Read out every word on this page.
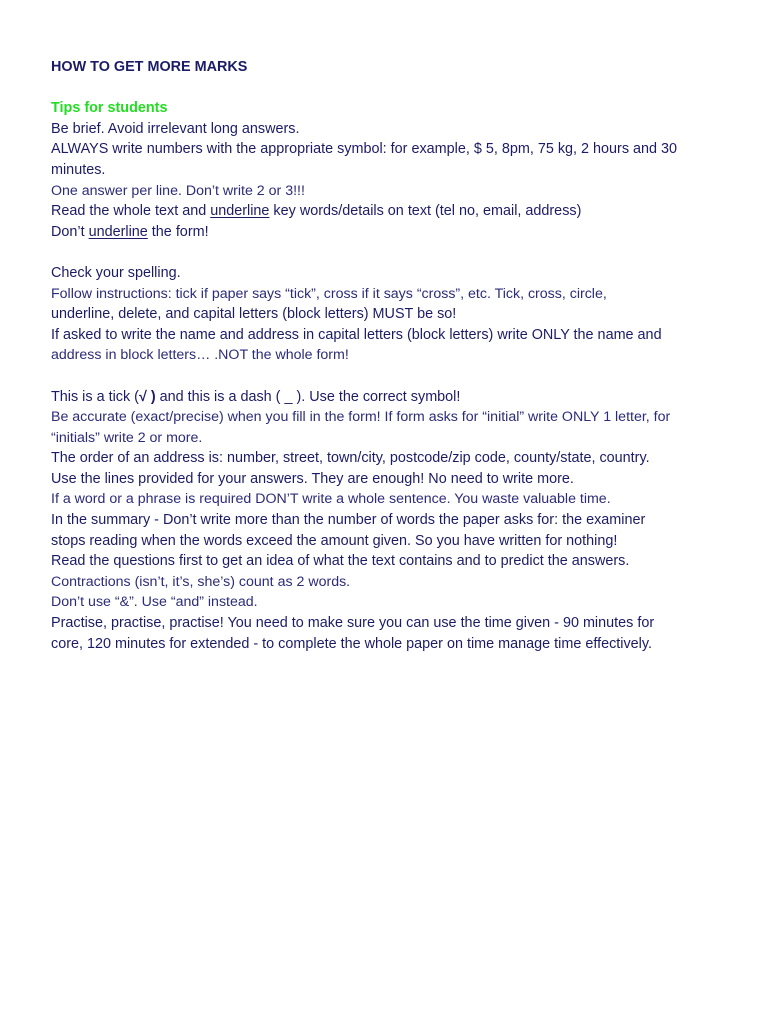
HOW TO GET MORE MARKS
Tips for students
Be brief. Avoid irrelevant long answers.
ALWAYS write numbers with the appropriate symbol: for example, $ 5, 8pm, 75 kg, 2 hours and 30
minutes.
One answer per line. Don’t write 2 or 3!!!
Read the whole text and underline key words/details on text (tel no, email, address)
Don’t underline the form!
Check your spelling.
Follow instructions: tick if paper says “tick”, cross if it says “cross”, etc. Tick, cross, circle,
underline, delete, and capital letters (block letters) MUST be so!
If asked to write the name and address in capital letters (block letters) write ONLY the name and
address in block letters… .NOT the whole form!
This is a tick (√ ) and this is a dash ( _ ). Use the correct symbol!
Be accurate (exact/precise) when you fill in the form! If form asks for “initial” write ONLY 1 letter, for
“initials” write 2 or more.
The order of an address is: number, street, town/city, postcode/zip code, county/state, country.
Use the lines provided for your answers. They are enough! No need to write more.
If a word or a phrase is required DON’T write a whole sentence. You waste valuable time.
In the summary - Don’t write more than the number of words the paper asks for: the examiner
stops reading when the words exceed the amount given. So you have written for nothing!
Read the questions first to get an idea of what the text contains and to predict the answers.
Contractions (isn’t, it’s, she’s) count as 2 words.
Don’t use “&”. Use “and” instead.
Practise, practise, practise! You need to make sure you can use the time given - 90 minutes for
core, 120 minutes for extended - to complete the whole paper on time manage time effectively.
